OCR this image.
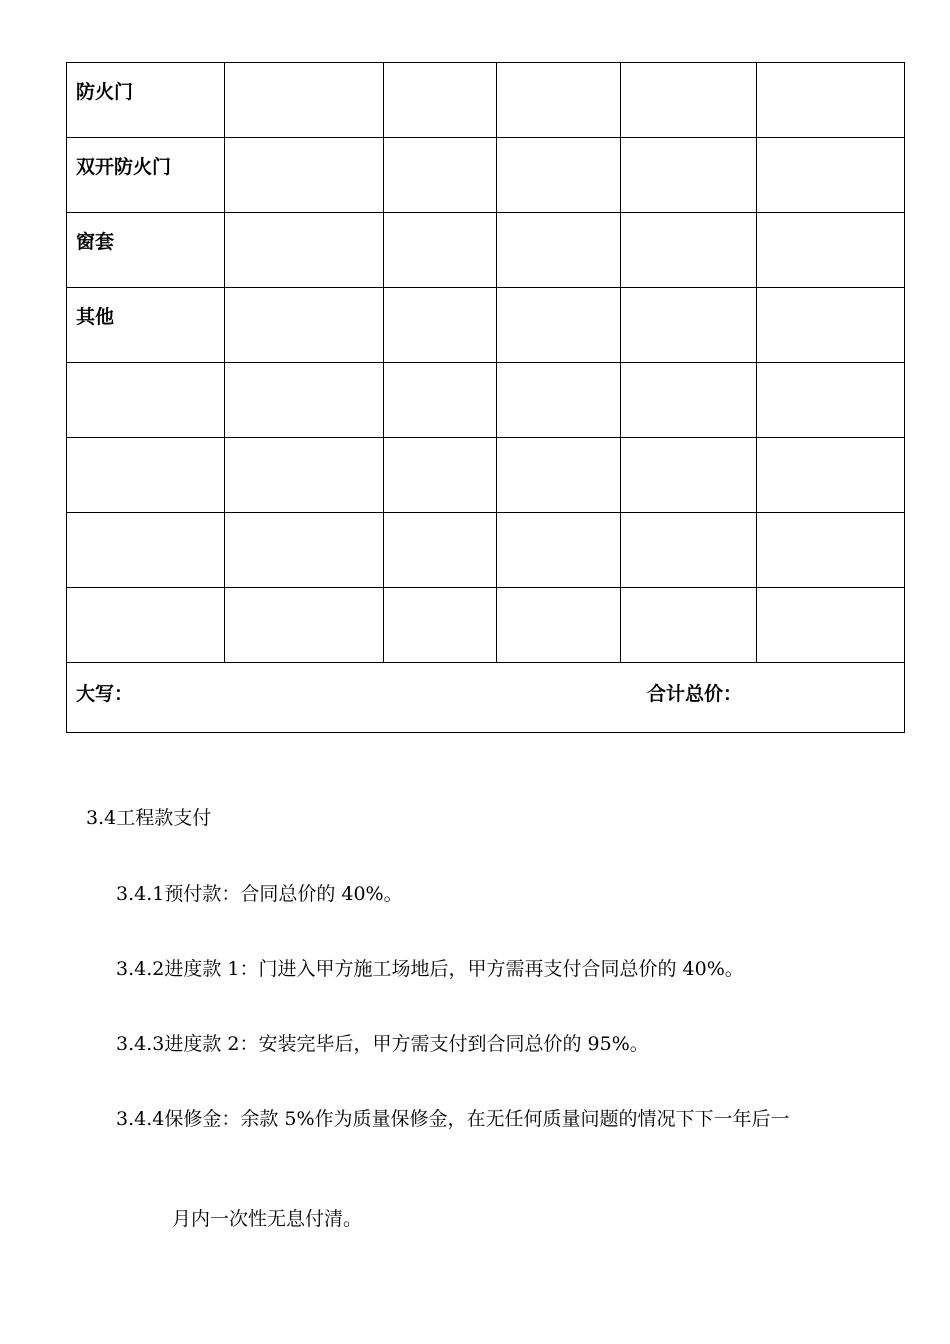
防火门					
双开防火门					
窗套					
其他					

大写： 合计总价：					
3.4工程款支付
3.4.1预付款：合同总价的 40%。
3.4.2进度款 1：门进入甲方施工场地后，甲方需再支付合同总价的 40%。
3.4.3进度款 2：安装完毕后，甲方需支付到合同总价的 95%。
3.4.4保修金：余款 5%作为质量保修金，在无任何质量问题的情况下下一年后一
月内一次性无息付清。
